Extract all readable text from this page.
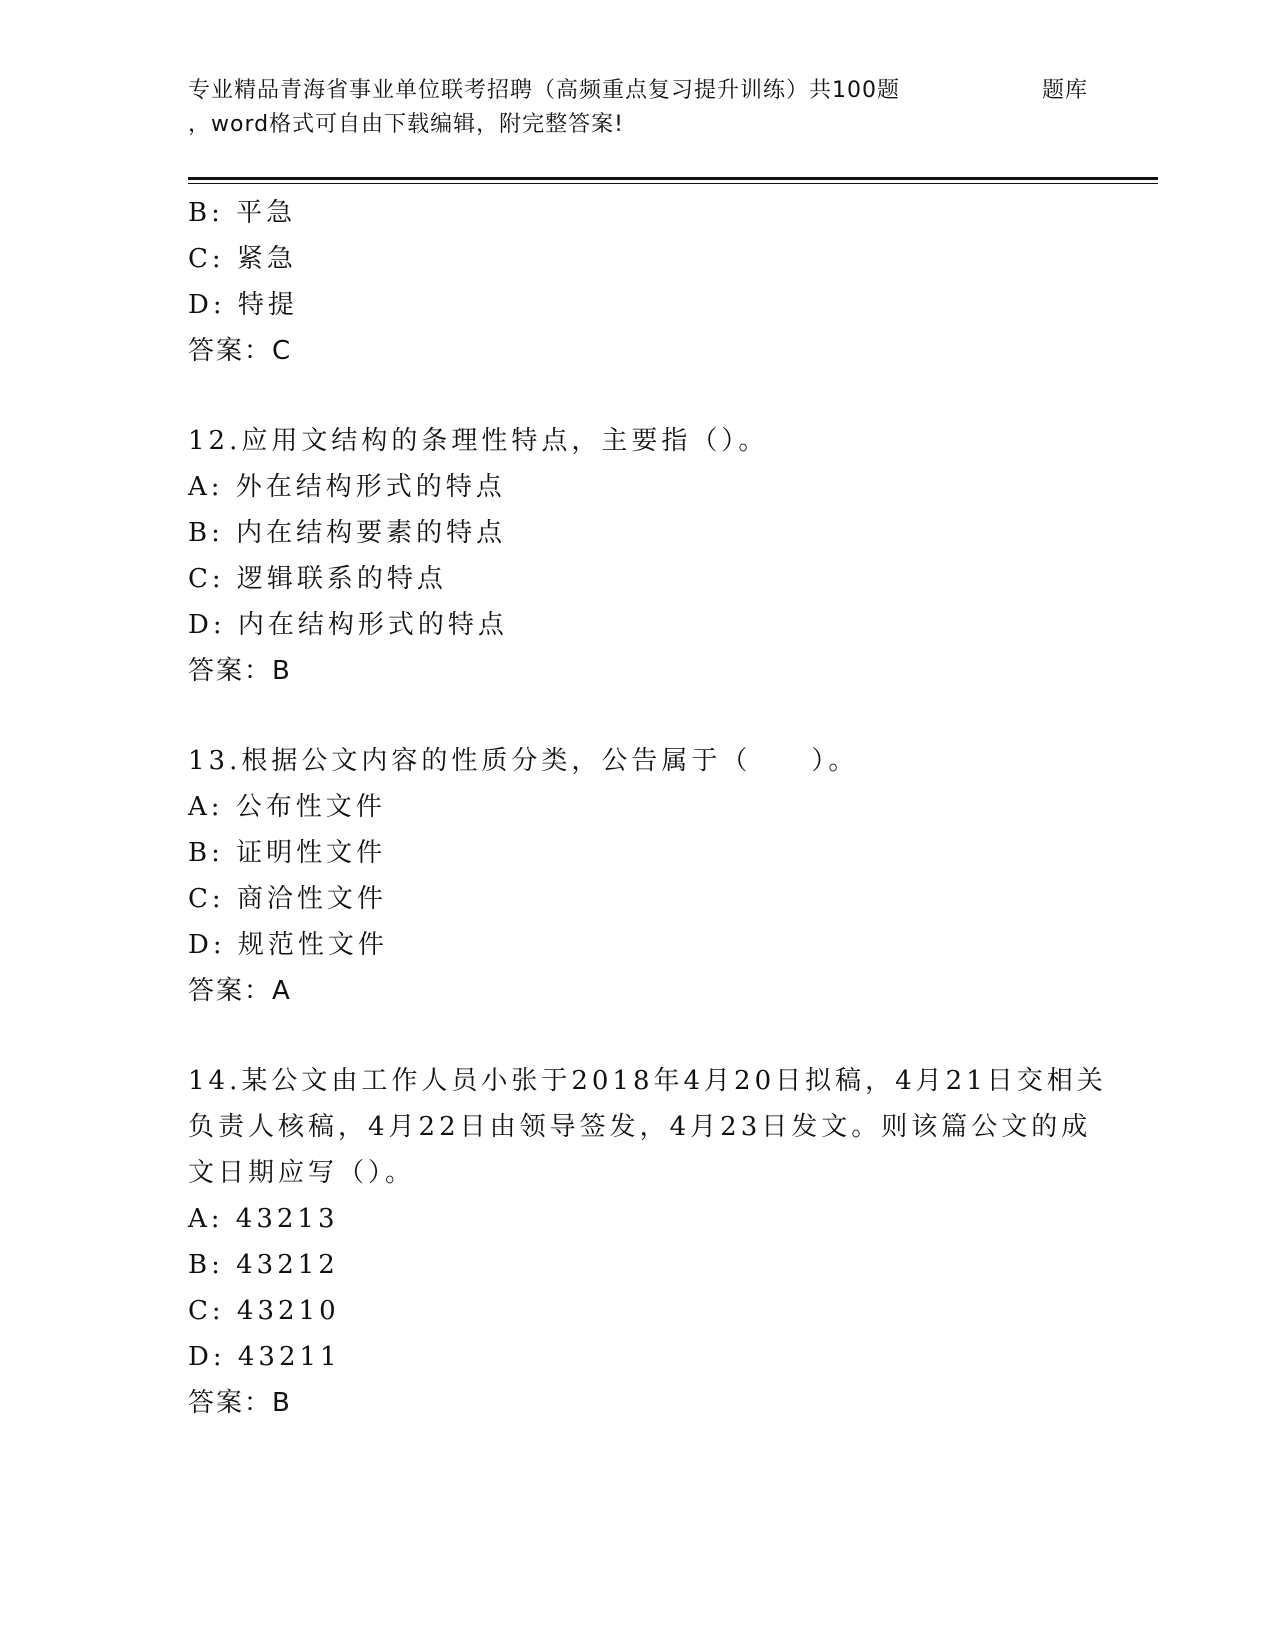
专业精品青海省事业单位联考招聘（高频重点复习提升训练）共100题	题库
，word格式可自由下载编辑，附完整答案!
B: 平急
C: 紧急
D: 特提
答案：C
12.应用文结构的条理性特点，主要指（）。
A: 外在结构形式的特点
B: 内在结构要素的特点
C: 逻辑联系的特点
D: 内在结构形式的特点
答案：B
13.根据公文内容的性质分类，公告属于（　　）。
A: 公布性文件
B: 证明性文件
C: 商洽性文件
D: 规范性文件
答案：A
14.某公文由工作人员小张于2018年4月20日拟稿，4月21日交相关
负责人核稿，4月22日由领导签发，4月23日发文。则该篇公文的成
文日期应写（）。
A: 43213
B: 43212
C: 43210
D: 43211
答案：B
